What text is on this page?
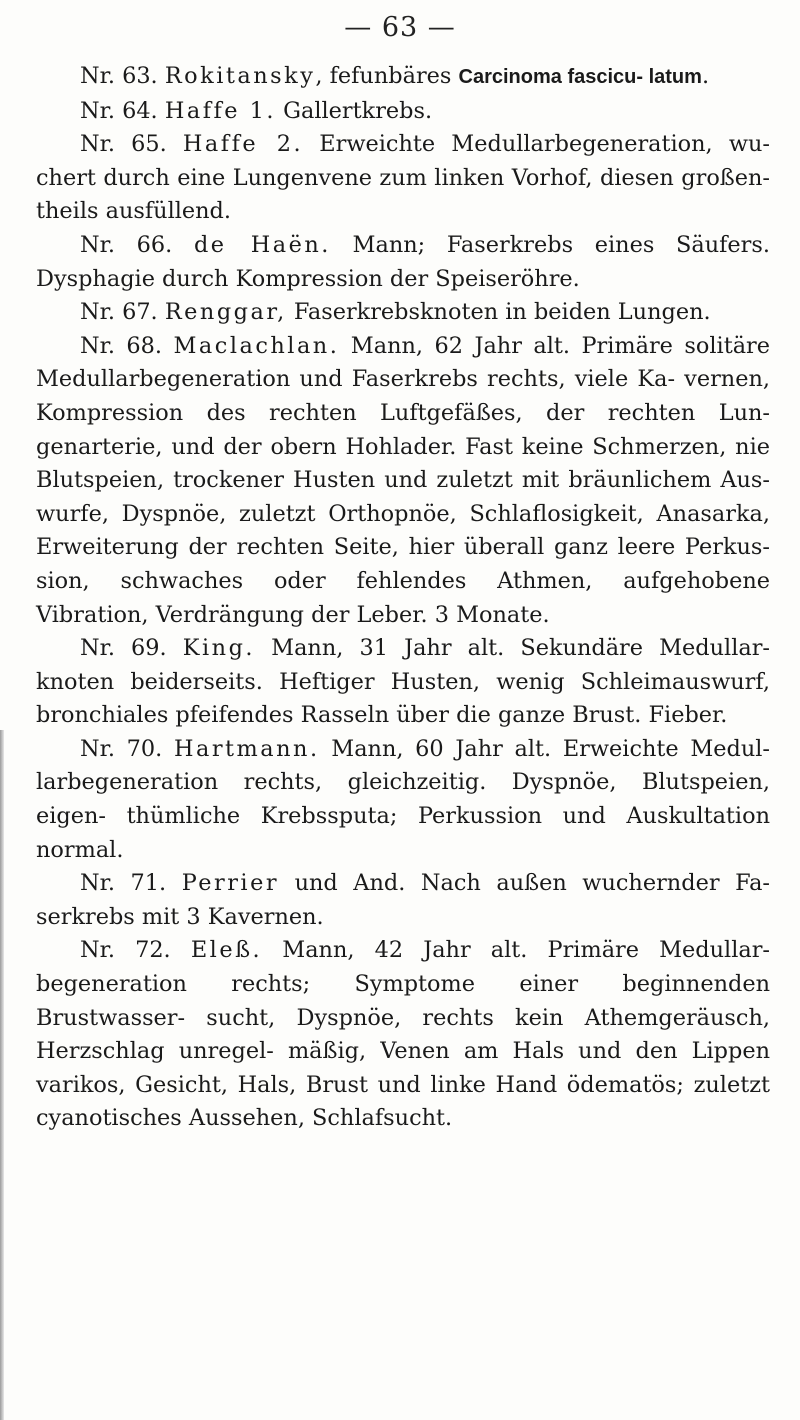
— 63 —

Nr. 63. Rokitansky, fefunbäres Carcinoma fascicu- latum.

Nr. 64. Haffe 1. Gallertkrebs.

Nr. 65. Haffe 2. Erweichte Medullarbegeneration, wu- chert durch eine Lungenvene zum linken Vorhof, diesen großen- theils ausfüllend.

Nr. 66. de Haën. Mann; Faserkrebs eines Säufers. Dysphagie durch Kompression der Speiseröhre.

Nr. 67. Renggar, Faserkrebsknoten in beiden Lungen.

Nr. 68. Maclachlan. Mann, 62 Jahr alt. Primäre solitäre Medullarbegeneration und Faserkrebs rechts, viele Ka- vernen, Kompression des rechten Luftgefäßes, der rechten Lun- genarterie, und der obern Hohlader. Fast keine Schmerzen, nie Blutspeien, trockener Husten und zuletzt mit bräunlichem Aus- wurfe, Dyspnöe, zuletzt Orthopnöe, Schlaflosigkeit, Anasarka, Erweiterung der rechten Seite, hier überall ganz leere Perkus- sion, schwaches oder fehlendes Athmen, aufgehobene Vibration, Verdrängung der Leber. 3 Monate.

Nr. 69. King. Mann, 31 Jahr alt. Sekundäre Medullar- knoten beiderseits. Heftiger Husten, wenig Schleimauswurf, bronchiales pfeifendes Rasseln über die ganze Brust. Fieber.

Nr. 70. Hartmann. Mann, 60 Jahr alt. Erweichte Medul- larbegeneration rechts, gleichzeitig. Dyspnöe, Blutspeien, eigen- thümliche Krebssputa; Perkussion und Auskultation normal.

Nr. 71. Perrier und And. Nach außen wuchernder Fa- serkrebs mit 3 Kavernen.

Nr. 72. Eleß. Mann, 42 Jahr alt. Primäre Medullar- begeneration rechts; Symptome einer beginnenden Brustwasser- sucht, Dyspnöe, rechts kein Athemgeräusch, Herzschlag unregel- mäßig, Venen am Hals und den Lippen varikos, Gesicht, Hals, Brust und linke Hand ödematös; zuletzt cyanotisches Aussehen, Schlafsucht.
